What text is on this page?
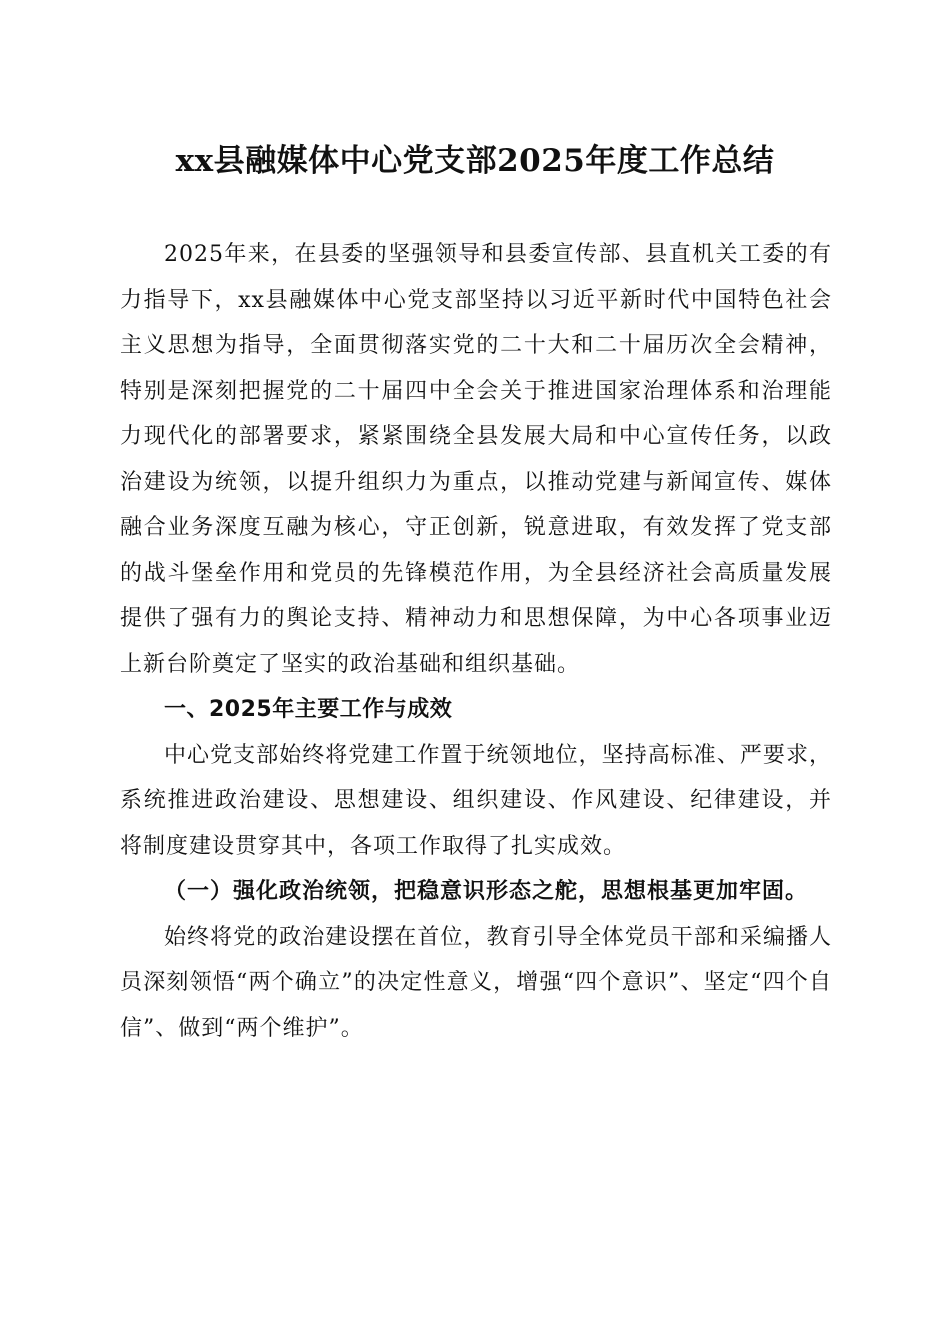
xx县融媒体中心党支部2025年度工作总结

2025年来，在县委的坚强领导和县委宣传部、县直机关工委的有力指导下，xx县融媒体中心党支部坚持以习近平新时代中国特色社会主义思想为指导，全面贯彻落实党的二十大和二十届历次全会精神，特别是深刻把握党的二十届四中全会关于推进国家治理体系和治理能力现代化的部署要求，紧紧围绕全县发展大局和中心宣传任务，以政治建设为统领，以提升组织力为重点，以推动党建与新闻宣传、媒体融合业务深度互融为核心，守正创新，锐意进取，有效发挥了党支部的战斗堡垒作用和党员的先锋模范作用，为全县经济社会高质量发展提供了强有力的舆论支持、精神动力和思想保障，为中心各项事业迈上新台阶奠定了坚实的政治基础和组织基础。

一、2025年主要工作与成效

中心党支部始终将党建工作置于统领地位，坚持高标准、严要求，系统推进政治建设、思想建设、组织建设、作风建设、纪律建设，并将制度建设贯穿其中，各项工作取得了扎实成效。

（一）强化政治统领，把稳意识形态之舵，思想根基更加牢固。

始终将党的政治建设摆在首位，教育引导全体党员干部和采编播人员深刻领悟“两个确立”的决定性意义，增强“四个意识”、坚定“四个自信”、做到“两个维护”。
